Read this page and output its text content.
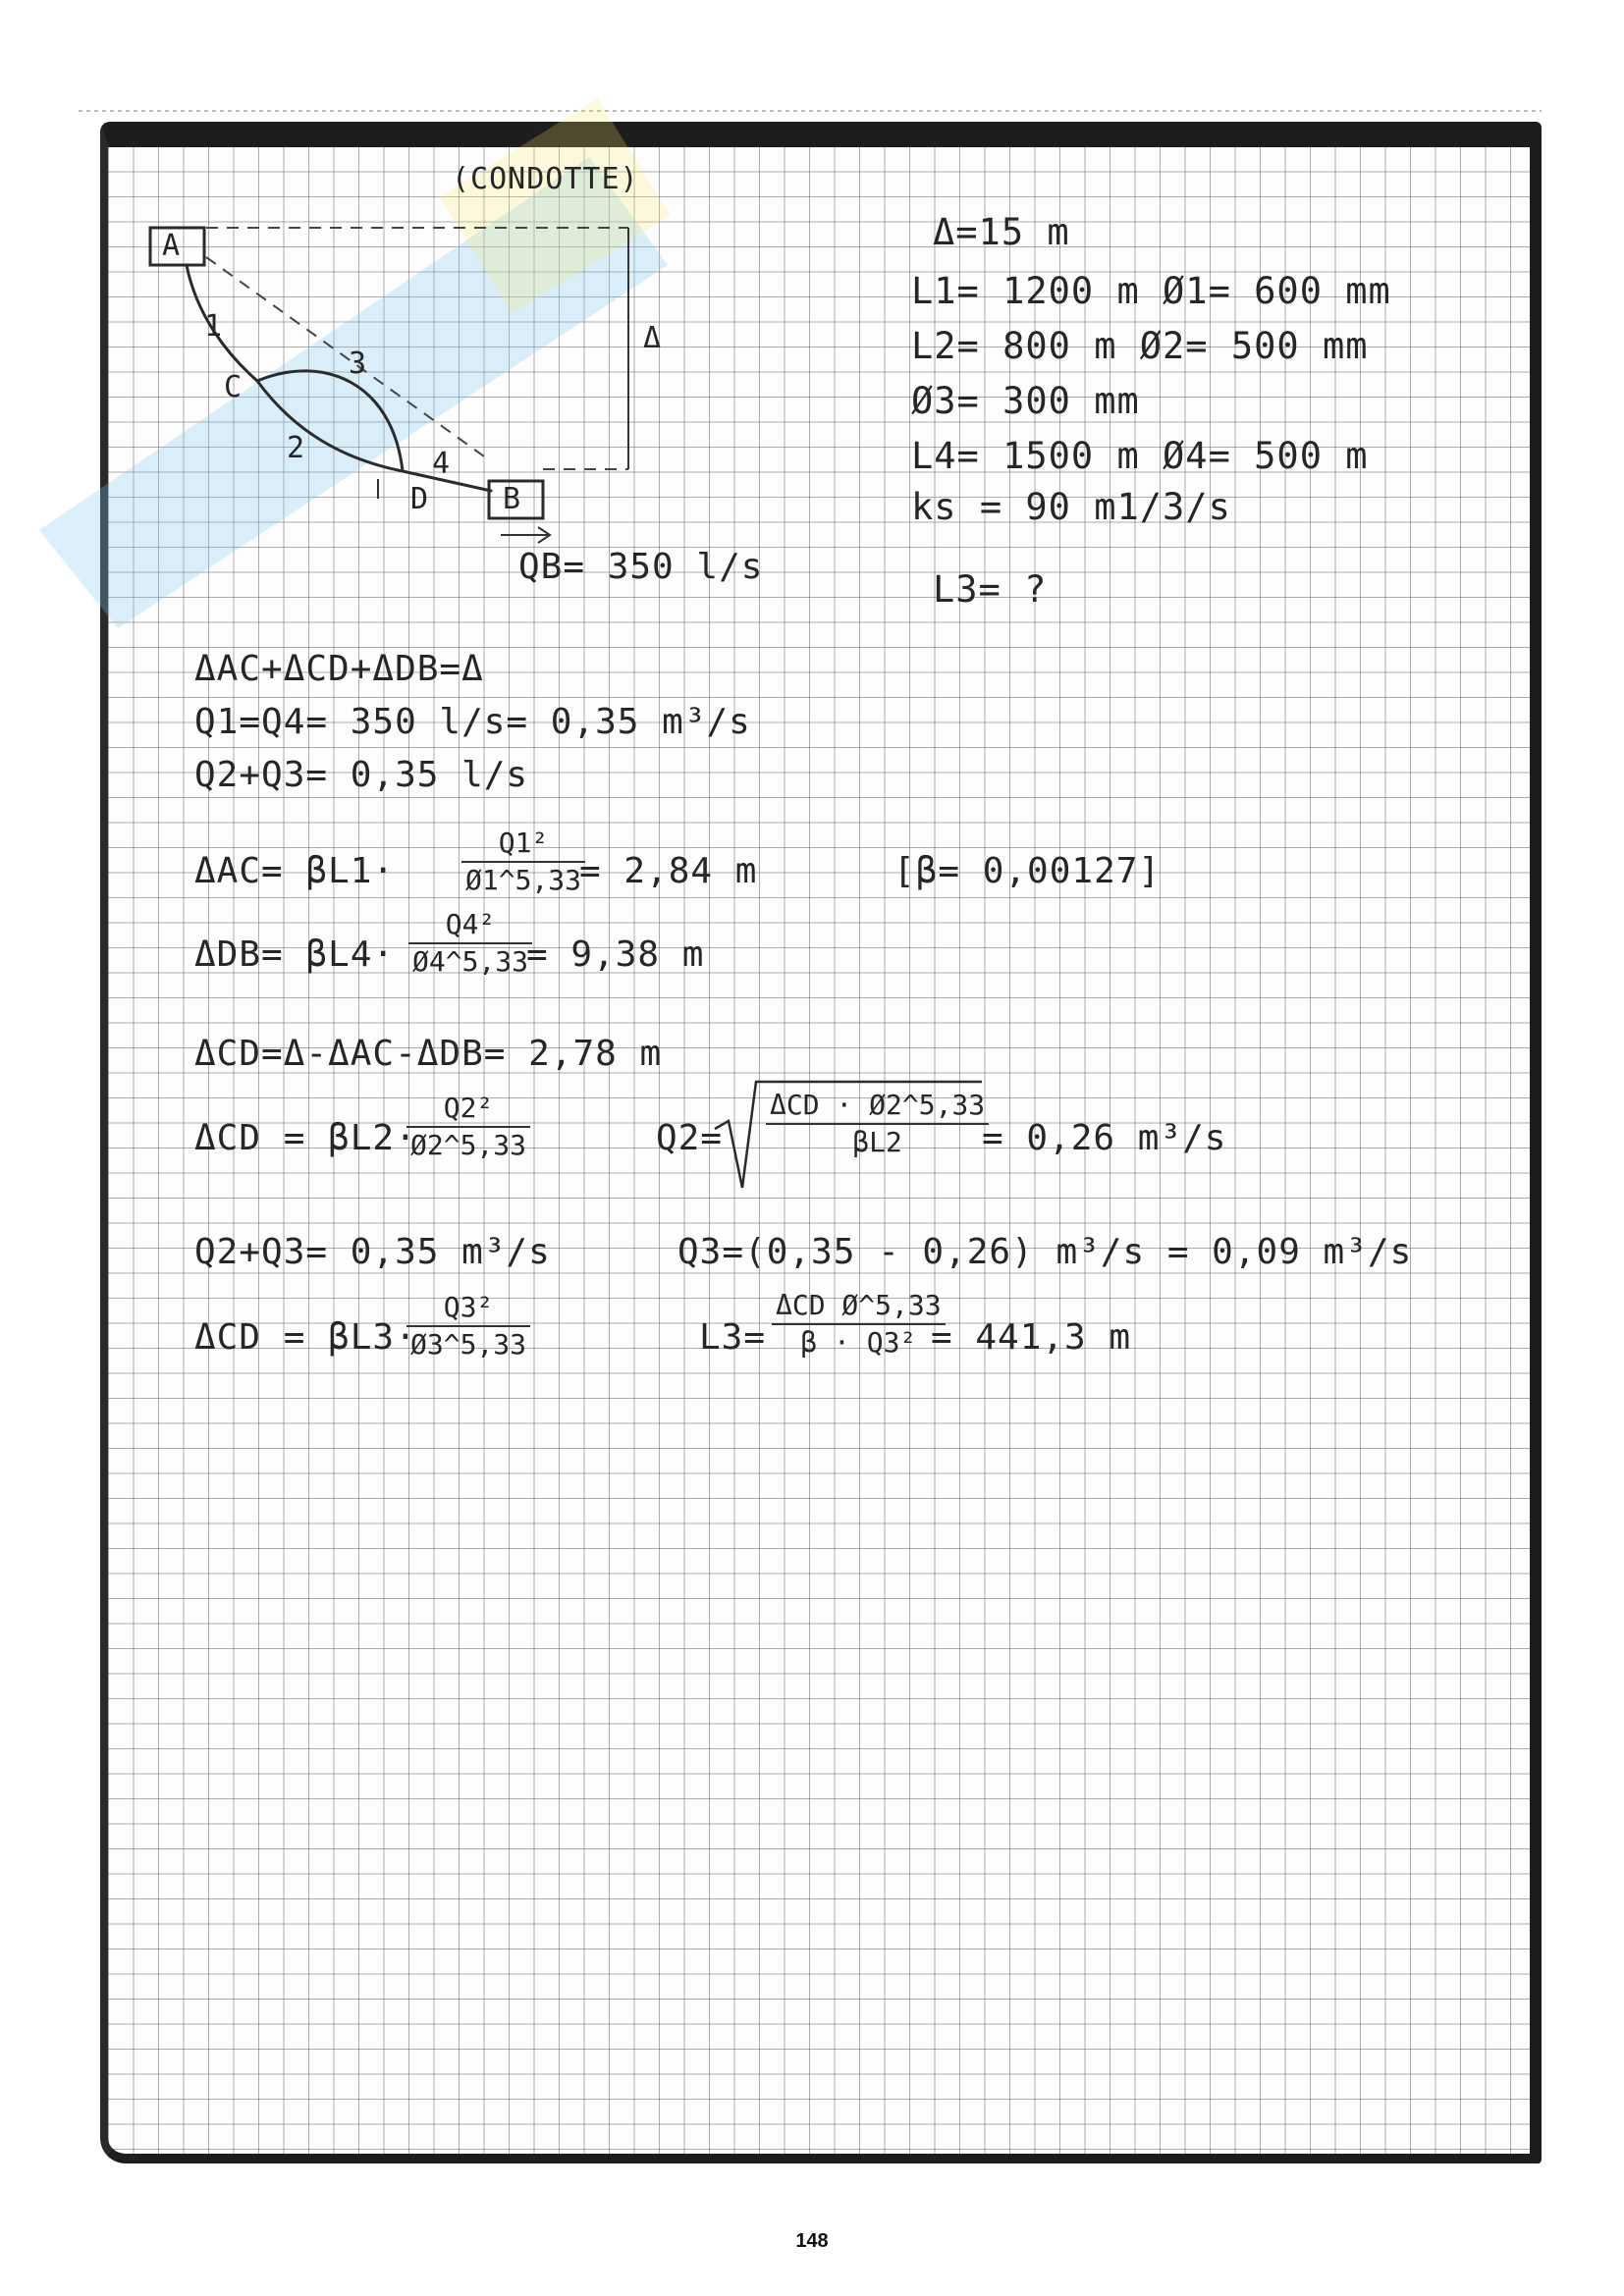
(CONDOTTE)
A
B
C
D
1
2
3
4
Δ
QB= 350 l/s
Δ=15 m
L1= 1200 m Ø1= 600 mm
L2= 800 m Ø2= 500 mm
Ø3= 300 mm
L4= 1500 m Ø4= 500 m
ks = 90 m1/3/s
L3= ?
ΔAC+ΔCD+ΔDB=Δ
Q1=Q4= 350 l/s= 0,35 m³/s
Q2+Q3= 0,35 l/s
$\Delta AC= \beta L1\cdot \frac{\text{Q1²}}{Ø1\^{}5,33}$
= 2,84 m	[β= 0,00127]
$\Delta DB= \beta L4\cdot \frac{\text{Q4²}}{Ø4\^{}5,33}$
= 9,38 m
ΔCD=Δ-ΔAC-ΔDB= 2,78 m
ΔCD = βL2·
$\frac{\text{Q2²}}{Ø2\^{}5,33}$	Q2=
ΔCD · Ø2^5,33
βL2	= 0,26 m³/s
Q2+Q3= 0,35 m³/s	Q3=(0,35 - 0,26) m³/s = 0,09 m³/s
ΔCD = βL3·
$\frac{\text{Q3²}}{Ø3\^{}5,33}$	L3=
ΔCD Ø^5,33
β · Q3² = 441,3 m
148
